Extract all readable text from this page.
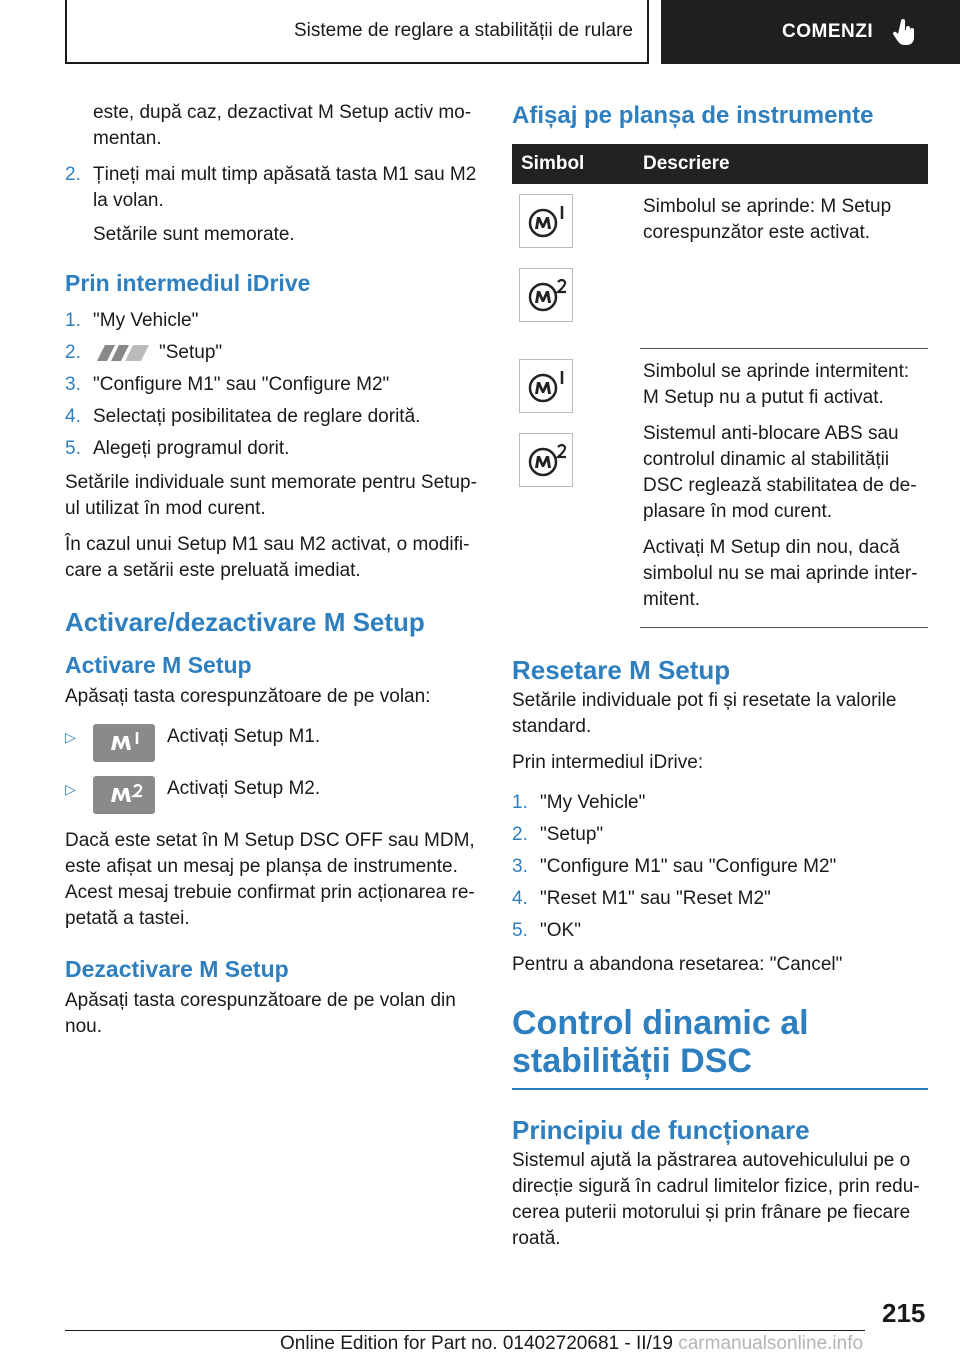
Sisteme de reglare a stabilității de rulare	COMENZI

este, după caz, dezactivat M Setup activ momentan.

2. Țineți mai mult timp apăsată tasta M1 sau M2 la volan.

Setările sunt memorate.

Prin intermediul iDrive
1. "My Vehicle"
2.	"Setup"
3. "Configure M1" sau "Configure M2"
4. Selectați posibilitatea de reglare dorită.
5. Alegeți programul dorit.

Setările individuale sunt memorate pentru Setup-ul utilizat în mod curent.

În cazul unui Setup M1 sau M2 activat, o modificare a setării este preluată imediat.

Activare/dezactivare M Setup
Activare M Setup

Apăsați tasta corespunzătoare de pe volan:

▷	Activați Setup M1.
▷	Activați Setup M2.

Dacă este setat în M Setup DSC OFF sau MDM, este afișat un mesaj pe planșa de instrumente. Acest mesaj trebuie confirmat prin acționarea repetată a tastei.

Dezactivare M Setup

Apăsați tasta corespunzătoare de pe volan din nou.

Afișaj pe planșa de instrumente
Simbol	Descriere

Simbolul se aprinde: M Setup corespunzător este activat.

Simbolul se aprinde intermitent: M Setup nu a putut fi activat.

Sistemul anti-blocare ABS sau controlul dinamic al stabilității DSC reglează stabilitatea de deplasare în mod curent.

Activați M Setup din nou, dacă simbolul nu se mai aprinde intermitent.

Resetare M Setup

Setările individuale pot fi și resetate la valorile standard.

Prin intermediul iDrive:

1. "My Vehicle"
2. "Setup"
3. "Configure M1" sau "Configure M2"
4. "Reset M1" sau "Reset M2"
5. "OK"

Pentru a abandona resetarea: "Cancel"

Control dinamic al stabilității DSC
Principiu de funcționare

Sistemul ajută la păstrarea autovehiculului pe o direcție sigură în cadrul limitelor fizice, prin reducerea puterii motorului și prin frânare pe fiecare roată.

215
Online Edition for Part no. 01402720681 - II/19 carmanualsonline.info
